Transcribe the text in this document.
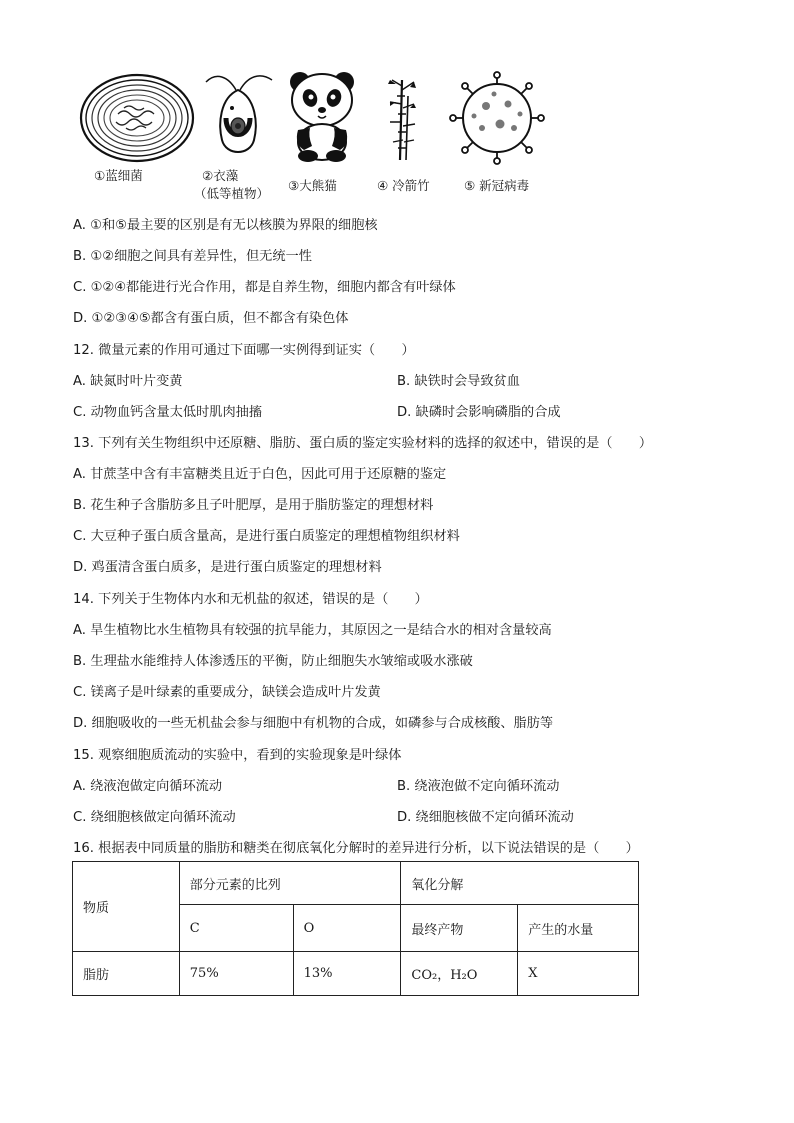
①蓝细菌	②衣藻
（低等植物）
③大熊猫	④ 冷箭竹	⑤ 新冠病毒
A. ①和⑤最主要的区别是有无以核膜为界限的细胞核
B. ①②细胞之间具有差异性，但无统一性
C. ①②④都能进行光合作用，都是自养生物，细胞内都含有叶绿体
D. ①②③④⑤都含有蛋白质，但不都含有染色体
12. 微量元素的作用可通过下面哪一实例得到证实（　　）
A. 缺氮时叶片变黄	B. 缺铁时会导致贫血
C. 动物血钙含量太低时肌肉抽搐	D. 缺磷时会影响磷脂的合成
13. 下列有关生物组织中还原糖、脂肪、蛋白质的鉴定实验材料的选择的叙述中，错误的是（　　）
A. 甘蔗茎中含有丰富糖类且近于白色，因此可用于还原糖的鉴定
B. 花生种子含脂肪多且子叶肥厚，是用于脂肪鉴定的理想材料
C. 大豆种子蛋白质含量高，是进行蛋白质鉴定的理想植物组织材料
D. 鸡蛋清含蛋白质多，是进行蛋白质鉴定的理想材料
14. 下列关于生物体内水和无机盐的叙述，错误的是（　　）
A. 旱生植物比水生植物具有较强的抗旱能力，其原因之一是结合水的相对含量较高
B. 生理盐水能维持人体渗透压的平衡，防止细胞失水皱缩或吸水涨破
C. 镁离子是叶绿素的重要成分，缺镁会造成叶片发黄
D. 细胞吸收的一些无机盐会参与细胞中有机物的合成，如磷参与合成核酸、脂肪等
15. 观察细胞质流动的实验中，看到的实验现象是叶绿体
A. 绕液泡做定向循环流动	B. 绕液泡做不定向循环流动
C. 绕细胞核做定向循环流动	D. 绕细胞核做不定向循环流动
16. 根据表中同质量的脂肪和糖类在彻底氧化分解时的差异进行分析，以下说法错误的是（　　）
物质	部分元素的比列		氧化分解	
	C	O	最终产物	产生的水量
脂肪	75%	13%	CO₂，H₂O	X
